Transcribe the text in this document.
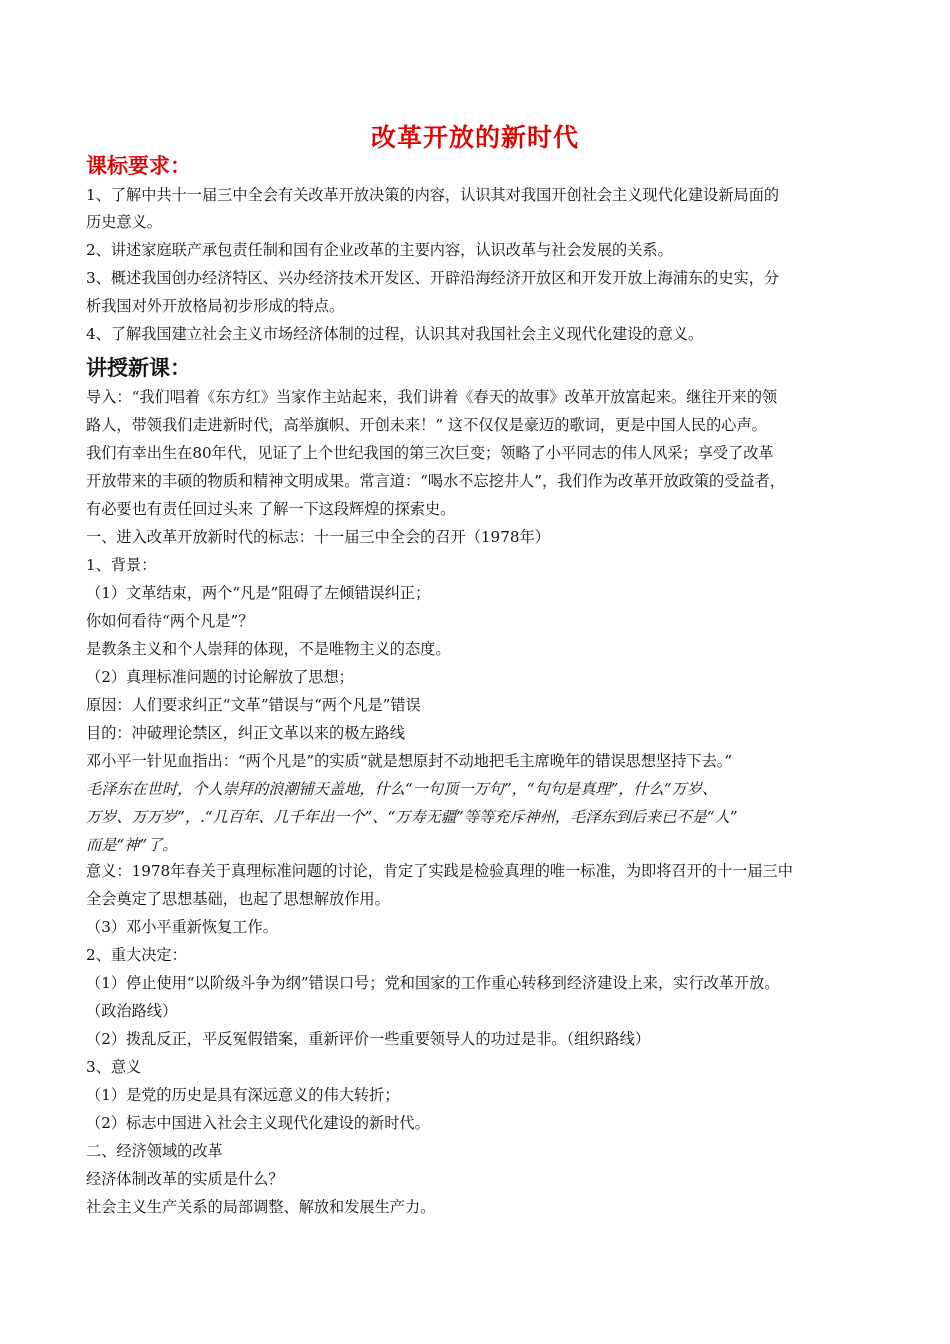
改革开放的新时代
课标要求：
讲授新课：
1、了解中共十一届三中全会有关改革开放决策的内容，认识其对我国开创社会主义现代化建设新局面的
历史意义。
2、讲述家庭联产承包责任制和国有企业改革的主要内容，认识改革与社会发展的关系。
3、概述我国创办经济特区、兴办经济技术开发区、开辟沿海经济开放区和开发开放上海浦东的史实，分
析我国对外开放格局初步形成的特点。
4、了解我国建立社会主义市场经济体制的过程，认识其对我国社会主义现代化建设的意义。
导入：“我们唱着《东方红》当家作主站起来，我们讲着《春天的故事》改革开放富起来。继往开来的领
路人，带领我们走进新时代，高举旗帜、开创未来！” 这不仅仅是豪迈的歌词，更是中国人民的心声。
我们有幸出生在80年代，见证了上个世纪我国的第三次巨变；领略了小平同志的伟人风采；享受了改革
开放带来的丰硕的物质和精神文明成果。常言道：“喝水不忘挖井人”，我们作为改革开放政策的受益者，
有必要也有责任回过头来 了解一下这段辉煌的探索史。
一、进入改革开放新时代的标志：十一届三中全会的召开（1978年）
1、背景：
（1）文革结束，两个“凡是”阻碍了左倾错误纠正；
你如何看待“两个凡是”？
是教条主义和个人崇拜的体现，不是唯物主义的态度。
（2）真理标准问题的讨论解放了思想；
原因：人们要求纠正“文革”错误与“两个凡是”错误
目的：冲破理论禁区，纠正文革以来的极左路线
邓小平一针见血指出：“两个凡是”的实质“就是想原封不动地把毛主席晚年的错误思想坚持下去。”
毛泽东在世时，个人崇拜的浪潮铺天盖地，什么“一句顶一万句”，“句句是真理”，什么“万岁、
万岁、万万岁”，.“几百年、几千年出一个”、“万寿无疆”等等充斥神州，毛泽东到后来已不是“人”
而是“神”了。
意义：1978年春关于真理标准问题的讨论，肯定了实践是检验真理的唯一标准，为即将召开的十一届三中
全会奠定了思想基础，也起了思想解放作用。
（3）邓小平重新恢复工作。
2、重大决定：
（1）停止使用“以阶级斗争为纲”错误口号；党和国家的工作重心转移到经济建设上来，实行改革开放。
（政治路线）
（2）拨乱反正，平反冤假错案，重新评价一些重要领导人的功过是非。（组织路线）
3、意义
（1）是党的历史是具有深远意义的伟大转折；
（2）标志中国进入社会主义现代化建设的新时代。
二、经济领域的改革
经济体制改革的实质是什么？
社会主义生产关系的局部调整、解放和发展生产力。
